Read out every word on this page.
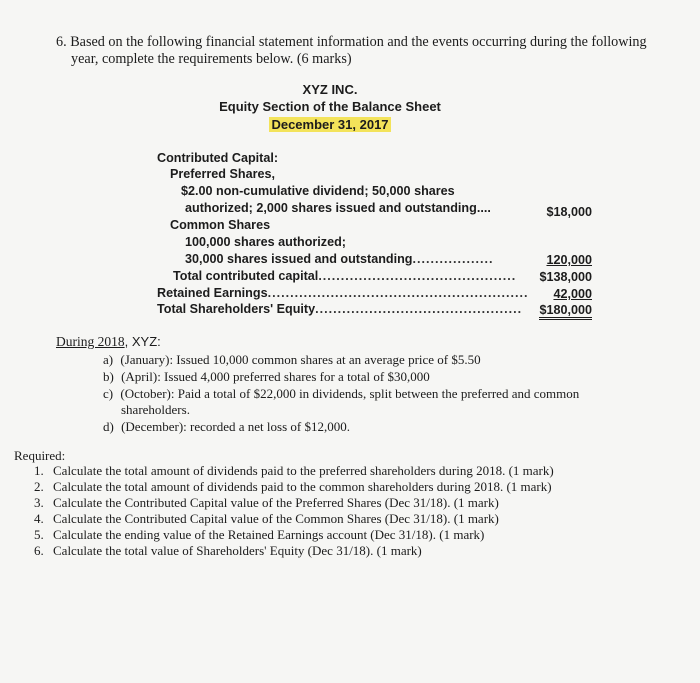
6. Based on the following financial statement information and the events occurring during the following
year, complete the requirements below. (6 marks)
XYZ INC.
Equity Section of the Balance Sheet
December 31, 2017
Contributed Capital:
Preferred Shares,
$2.00 non-cumulative dividend; 50,000 shares
authorized; 2,000 shares issued and outstanding....	$18,000
Common Shares
100,000 shares authorized;
30,000 shares issued and outstanding..................	120,000
Total contributed capital............................................	$138,000
Retained Earnings..........................................................	42,000
Total Shareholders' Equity..............................................	$180,000
During 2018, XYZ:
a) (January): Issued 10,000 common shares at an average price of $5.50
b) (April): Issued 4,000 preferred shares for a total of $30,000
c) (October): Paid a total of $22,000 in dividends, split between the preferred and common
shareholders.
d) (December): recorded a net loss of $12,000.
Required:
1. Calculate the total amount of dividends paid to the preferred shareholders during 2018. (1 mark)
2. Calculate the total amount of dividends paid to the common shareholders during 2018. (1 mark)
3. Calculate the Contributed Capital value of the Preferred Shares (Dec 31/18). (1 mark)
4. Calculate the Contributed Capital value of the Common Shares (Dec 31/18). (1 mark)
5. Calculate the ending value of the Retained Earnings account (Dec 31/18). (1 mark)
6. Calculate the total value of Shareholders' Equity (Dec 31/18). (1 mark)
